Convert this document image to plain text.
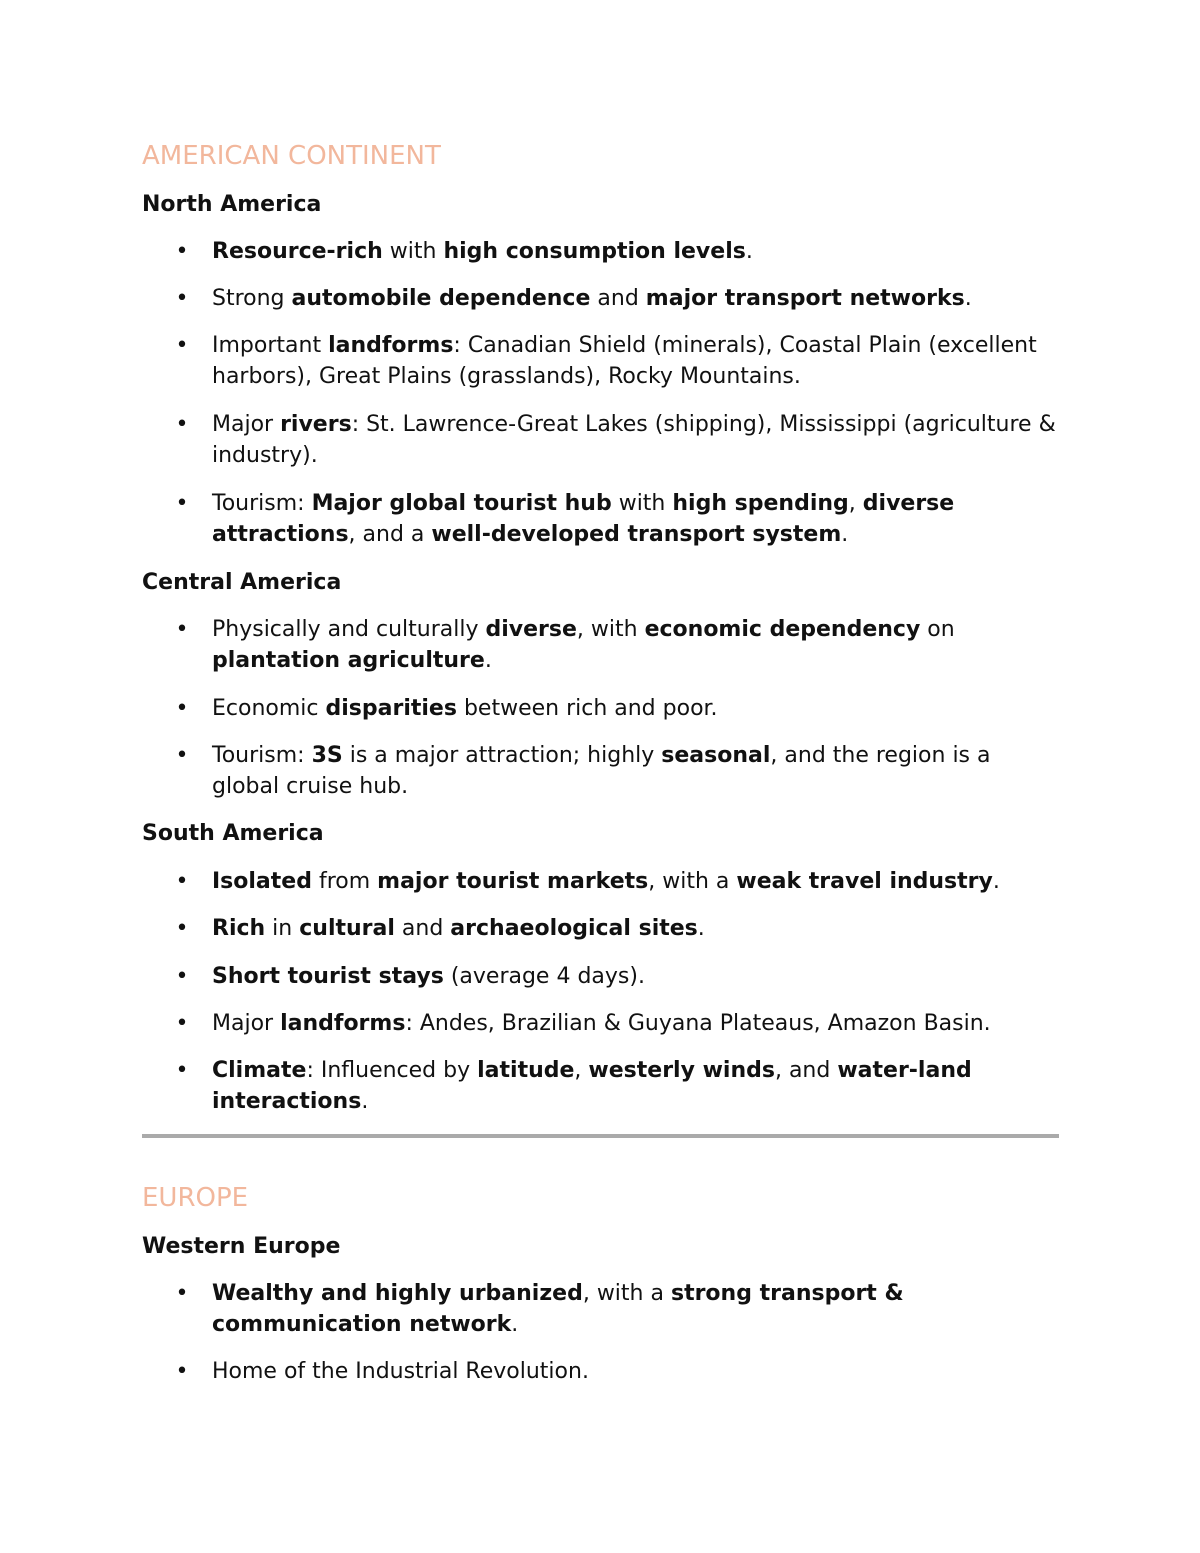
AMERICAN CONTINENT
North America
• Resource-rich with high consumption levels.
• Strong automobile dependence and major transport networks.
• Important landforms: Canadian Shield (minerals), Coastal Plain (excellent harbors), Great Plains (grasslands), Rocky Mountains.
• Major rivers: St. Lawrence-Great Lakes (shipping), Mississippi (agriculture & industry).
• Tourism: Major global tourist hub with high spending, diverse attractions, and a well-developed transport system.
Central America
• Physically and culturally diverse, with economic dependency on plantation agriculture.
• Economic disparities between rich and poor.
• Tourism: 3S is a major attraction; highly seasonal, and the region is a global cruise hub.
South America
• Isolated from major tourist markets, with a weak travel industry.
• Rich in cultural and archaeological sites.
• Short tourist stays (average 4 days).
• Major landforms: Andes, Brazilian & Guyana Plateaus, Amazon Basin.
• Climate: Influenced by latitude, westerly winds, and water-land interactions.
EUROPE
Western Europe
• Wealthy and highly urbanized, with a strong transport & communication network.
• Home of the Industrial Revolution.
